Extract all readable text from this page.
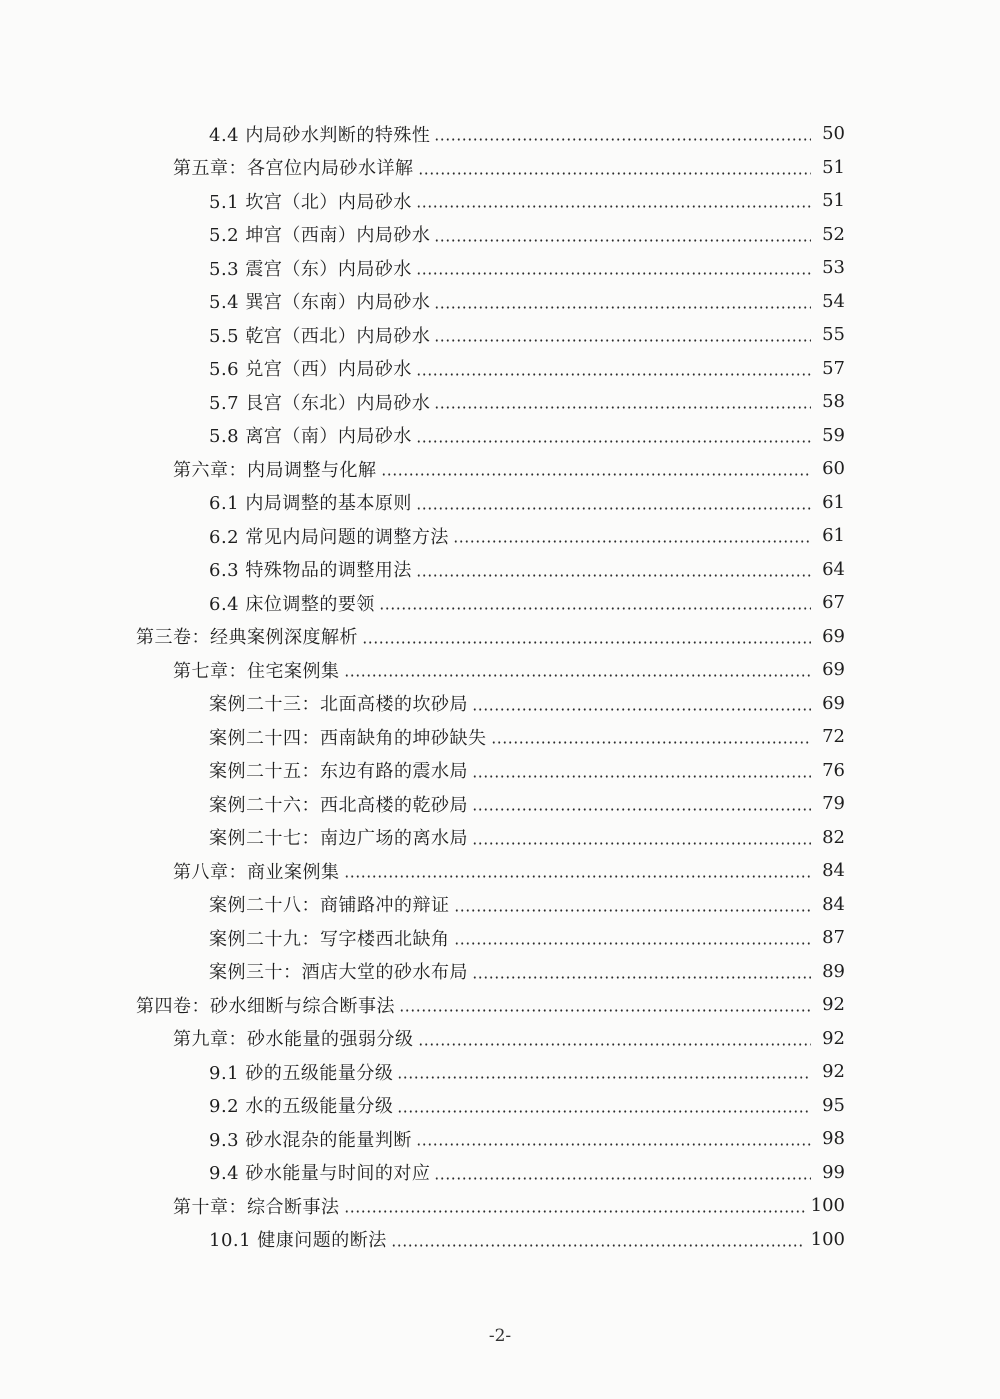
4.4 内局砂水判断的特殊性	50
第五章：各宫位内局砂水详解	51
5.1 坎宫（北）内局砂水	51
5.2 坤宫（西南）内局砂水	52
5.3 震宫（东）内局砂水	53
5.4 巽宫（东南）内局砂水	54
5.5 乾宫（西北）内局砂水	55
5.6 兑宫（西）内局砂水	57
5.7 艮宫（东北）内局砂水	58
5.8 离宫（南）内局砂水	59
第六章：内局调整与化解	60
6.1 内局调整的基本原则	61
6.2 常见内局问题的调整方法	61
6.3 特殊物品的调整用法	64
6.4 床位调整的要领	67
第三卷：经典案例深度解析	69
第七章：住宅案例集	69
案例二十三：北面高楼的坎砂局	69
案例二十四：西南缺角的坤砂缺失	72
案例二十五：东边有路的震水局	76
案例二十六：西北高楼的乾砂局	79
案例二十七：南边广场的离水局	82
第八章：商业案例集	84
案例二十八：商铺路冲的辩证	84
案例二十九：写字楼西北缺角	87
案例三十：酒店大堂的砂水布局	89
第四卷：砂水细断与综合断事法	92
第九章：砂水能量的强弱分级	92
9.1 砂的五级能量分级	92
9.2 水的五级能量分级	95
9.3 砂水混杂的能量判断	98
9.4 砂水能量与时间的对应	99
第十章：综合断事法	100
10.1 健康问题的断法	100
-2-
